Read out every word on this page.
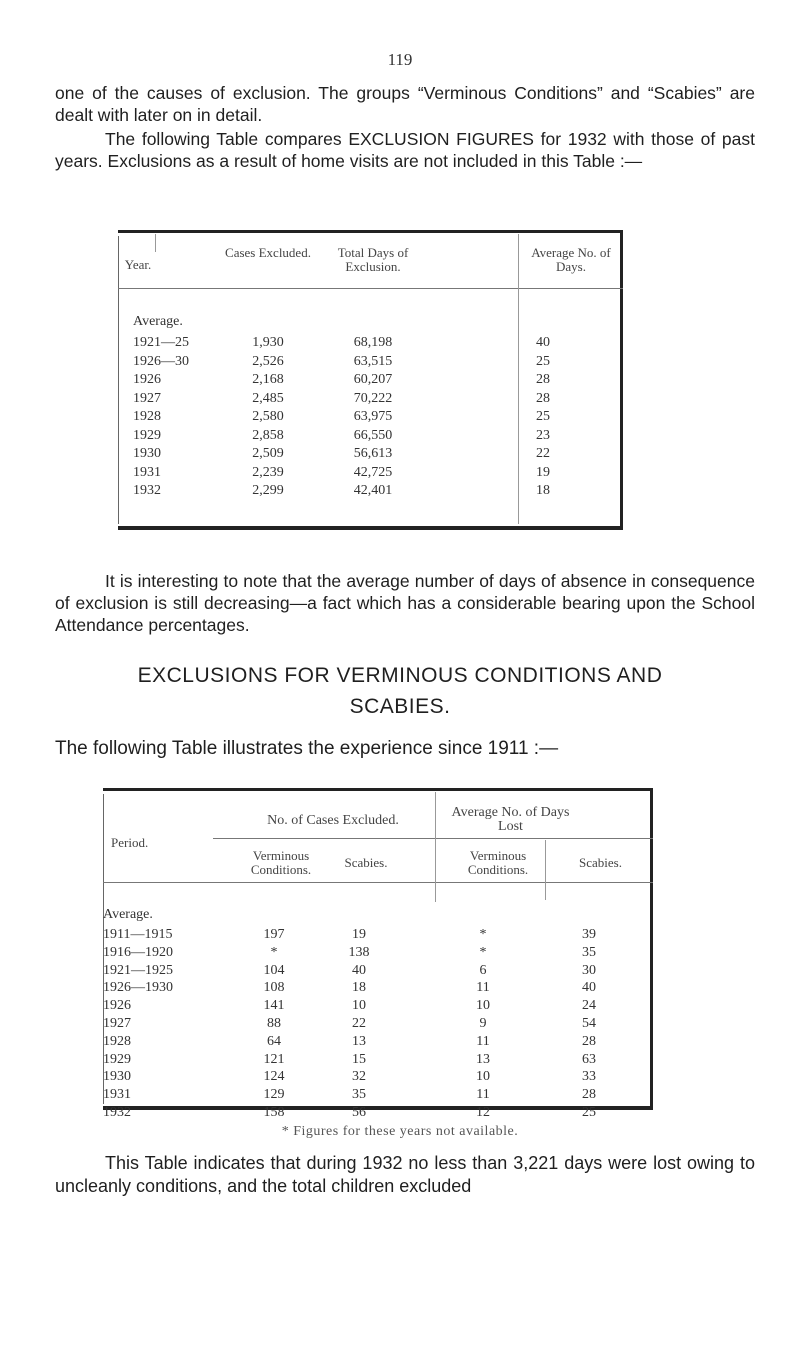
119
one of the causes of exclusion. The groups “Verminous Conditions” and “Scabies” are dealt with later on in detail.
The following Table compares EXCLUSION FIGURES for 1932 with those of past years. Exclusions as a result of home visits are not included in this Table :—
Year.
Cases Excluded.	Total Days of Exclusion.
Average No. of Days.
Average.
1921—25	1,930	68,198	40
1926—30	2,526	63,515	25
1926	2,168	60,207	28
1927	2,485	70,222	28
1928	2,580	63,975	25
1929	2,858	66,550	23
1930	2,509	56,613	22
1931	2,239	42,725	19
1932	2,299	42,401	18
It is interesting to note that the average number of days of absence in consequence of exclusion is still decreasing—a fact which has a considerable bearing upon the School Attendance percentages.
EXCLUSIONS FOR VERMINOUS CONDITIONS AND
SCABIES.
The following Table illustrates the experience since 1911 :—
Period.
No. of Cases Excluded.
Average No. of Days Lost
Verminous Conditions.	Scabies.	Verminous Conditions.	Scabies.
Average.
1911—1915	197	19	*	39
1916—1920	*	138	*	35
1921—1925	104	40	6	30
1926—1930	108	18	11	40
1926	141	10	10	24
1927	88	22	9	54
1928	64	13	11	28
1929	121	15	13	63
1930	124	32	10	33
1931	129	35	11	28
1932	158	56	12	25
* Figures for these years not available.
This Table indicates that during 1932 no less than 3,221 days were lost owing to uncleanly conditions, and the total children excluded
